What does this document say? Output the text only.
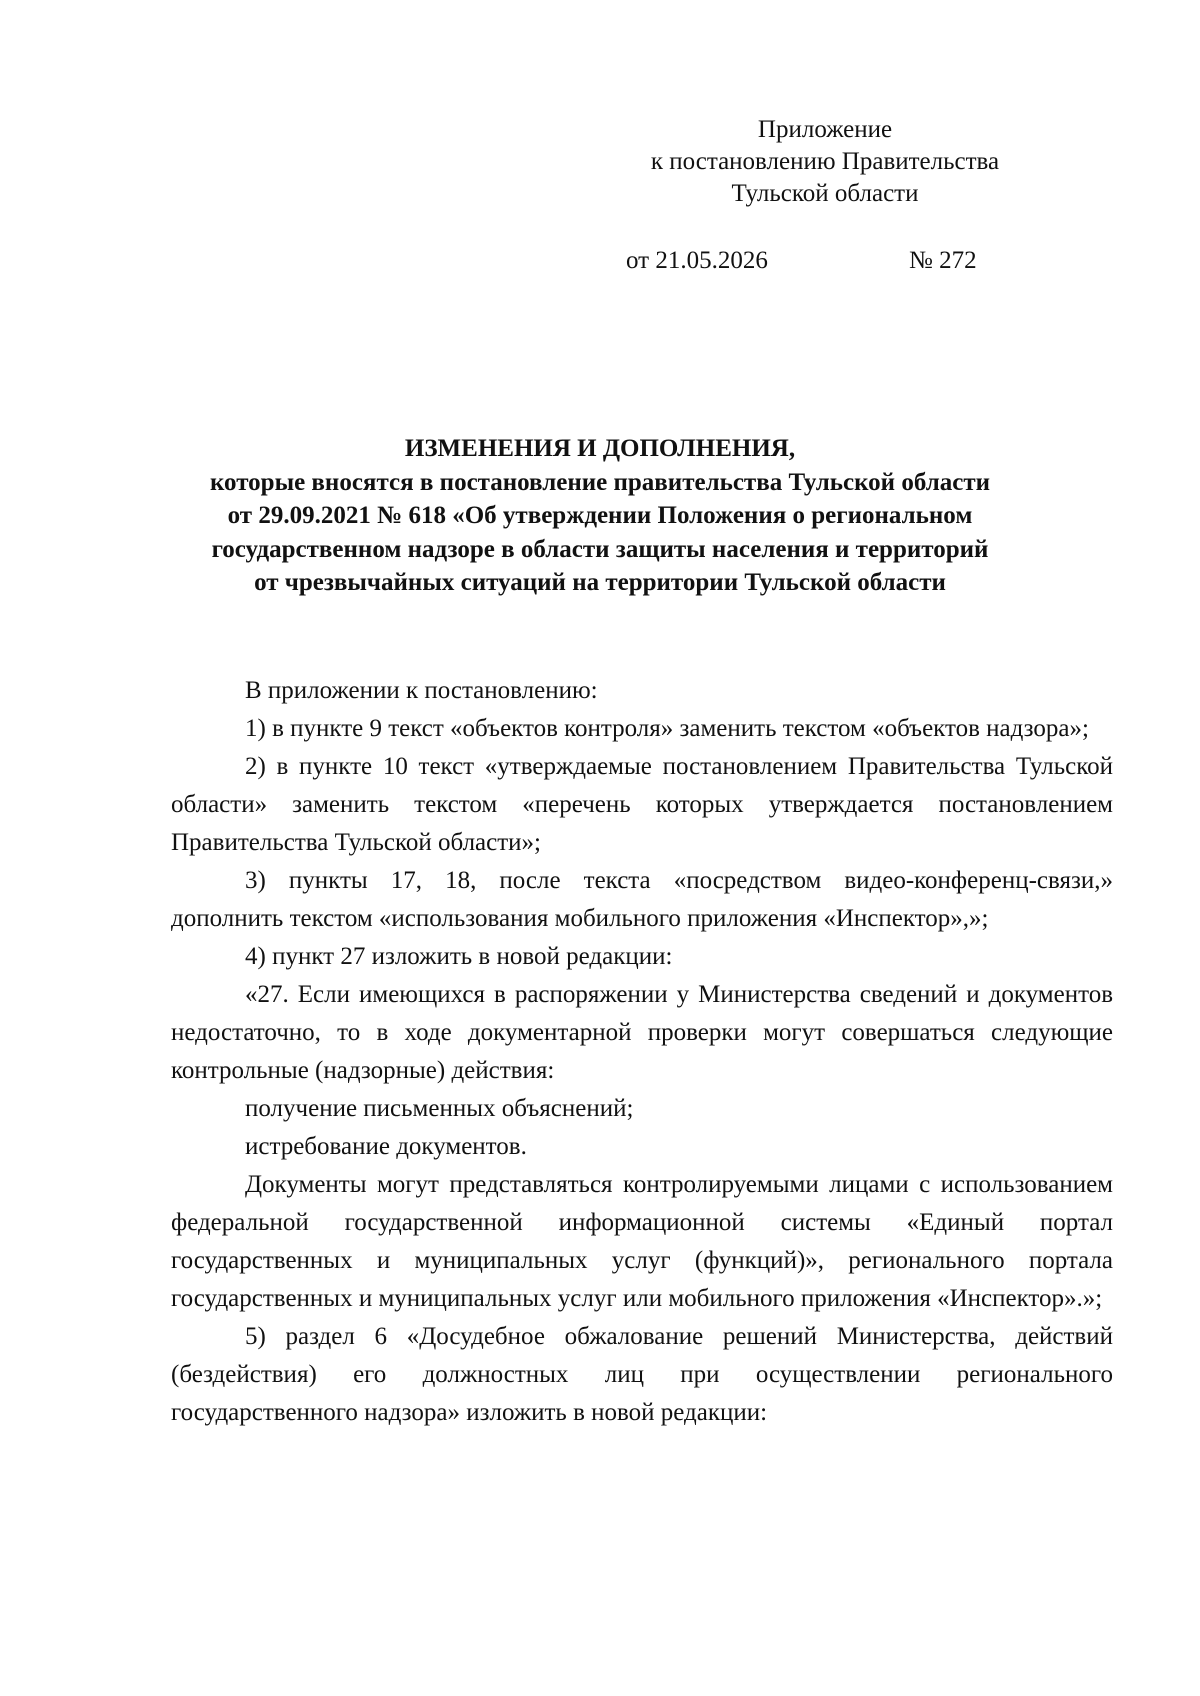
Приложение
к постановлению Правительства
Тульской области
от 21.05.2026	№ 272
ИЗМЕНЕНИЯ И ДОПОЛНЕНИЯ,
которые вносятся в постановление правительства Тульской области
от 29.09.2021 № 618 «Об утверждении Положения о региональном
государственном надзоре в области защиты населения и территорий
от чрезвычайных ситуаций на территории Тульской области

В приложении к постановлению:

1) в пункте 9 текст «объектов контроля» заменить текстом «объектов надзора»;

2) в пункте 10 текст «утверждаемые постановлением Правительства Тульской области» заменить текстом «перечень которых утверждается постановлением Правительства Тульской области»;

3) пункты 17, 18, после текста «посредством видео-конференц-связи,» дополнить текстом «использования мобильного приложения «Инспектор»,»;

4) пункт 27 изложить в новой редакции:

«27. Если имеющихся в распоряжении у Министерства сведений и документов недостаточно, то в ходе документарной проверки могут совершаться следующие контрольные (надзорные) действия:

получение письменных объяснений;

истребование документов.

Документы могут представляться контролируемыми лицами с использованием федеральной государственной информационной системы «Единый портал государственных и муниципальных услуг (функций)», регионального портала государственных и муниципальных услуг или мобильного приложения «Инспектор».»;

5) раздел 6 «Досудебное обжалование решений Министерства, действий (бездействия) его должностных лиц при осуществлении регионального государственного надзора» изложить в новой редакции:
